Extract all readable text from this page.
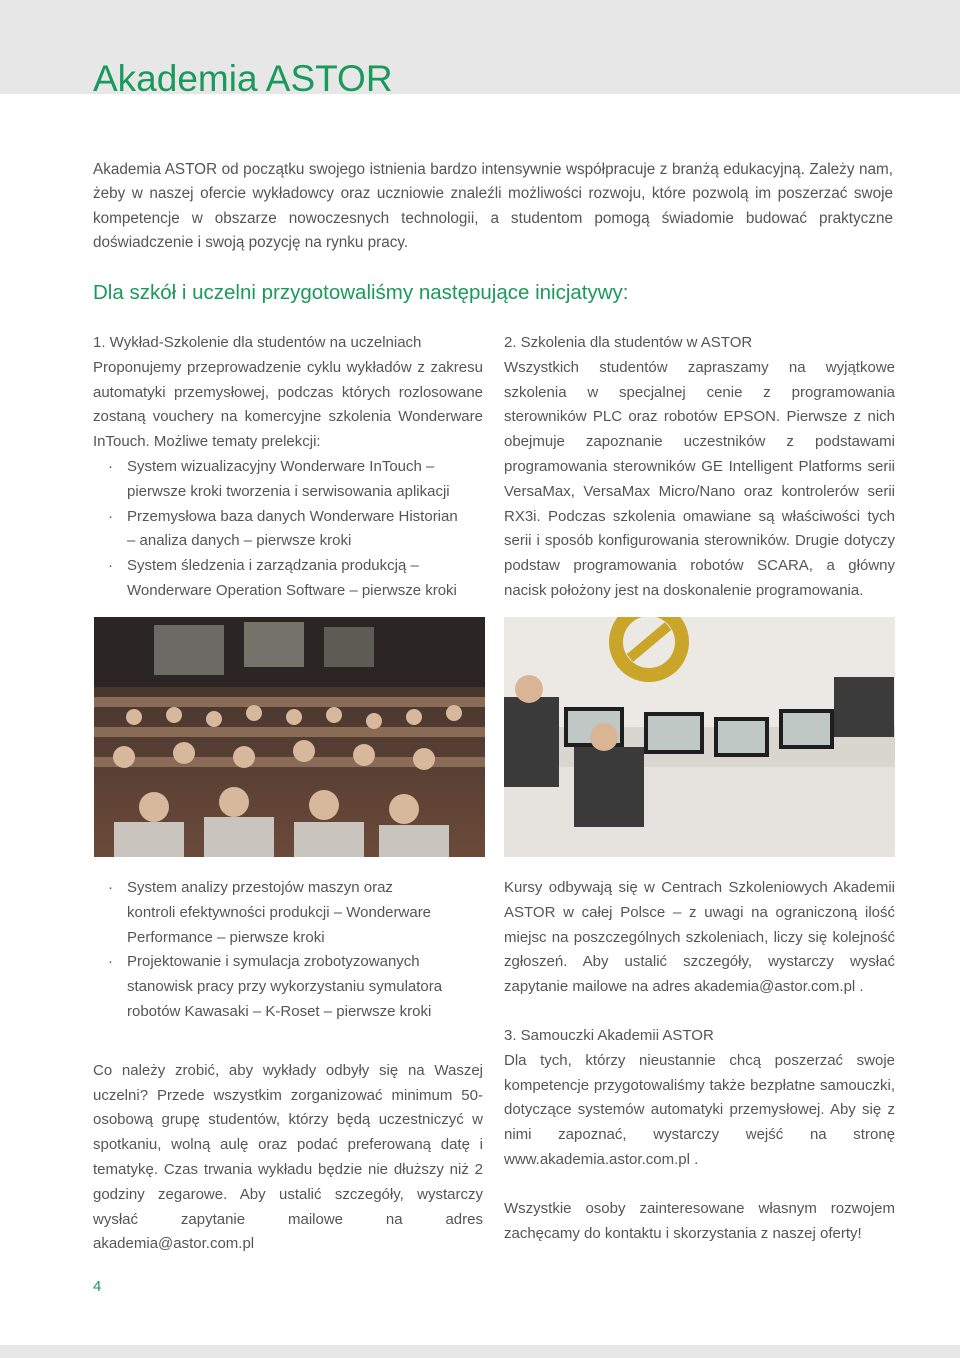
Akademia ASTOR

Akademia ASTOR od początku swojego istnienia bardzo intensywnie współpracuje z branżą edukacyjną. Zależy nam, żeby w naszej ofercie wykładowcy oraz uczniowie znaleźli możliwości rozwoju, które pozwolą im poszerzać swoje kompetencje w obszarze nowoczesnych technologii, a studentom pomogą świadomie budować praktyczne doświadczenie i swoją pozycję na rynku pracy.

Dla szkół i uczelni przygotowaliśmy następujące inicjatywy:

1. Wykład-Szkolenie dla studentów na uczelniach

Proponujemy przeprowadzenie cyklu wykładów z zakresu automatyki przemysłowej, podczas których rozlosowane zostaną vouchery na komercyjne szkolenia Wonderware InTouch. Możliwe tematy prelekcji:

· System wizualizacyjny Wonderware InTouch –
pierwsze kroki tworzenia i serwisowania aplikacji
· Przemysłowa baza danych Wonderware Historian
– analiza danych – pierwsze kroki
· System śledzenia i zarządzania produkcją –
Wonderware Operation Software – pierwsze kroki

2. Szkolenia dla studentów w ASTOR

Wszystkich studentów zapraszamy na wyjątkowe szkolenia w specjalnej cenie z programowania sterowników PLC oraz robotów EPSON. Pierwsze z nich obejmuje zapoznanie uczestników z podstawami programowania sterowników GE Intelligent Platforms serii VersaMax, VersaMax Micro/Nano oraz kontrolerów serii RX3i. Podczas szkolenia omawiane są właściwości tych serii i sposób konfigurowania sterowników. Drugie dotyczy podstaw programowania robotów SCARA, a główny nacisk położony jest na doskonalenie programowania.

· System analizy przestojów maszyn oraz
kontroli efektywności produkcji – Wonderware
Performance – pierwsze kroki
· Projektowanie i symulacja zrobotyzowanych
stanowisk pracy przy wykorzystaniu symulatora
robotów Kawasaki – K-Roset – pierwsze kroki

Co należy zrobić, aby wykłady odbyły się na Waszej uczelni? Przede wszystkim zorganizować minimum 50- osobową grupę studentów, którzy będą uczestniczyć w spotkaniu, wolną aulę oraz podać preferowaną datę i tematykę. Czas trwania wykładu będzie nie dłuższy niż 2 godziny zegarowe. Aby ustalić szczegóły, wystarczy wysłać zapytanie mailowe na adres akademia@astor.com.pl

Kursy odbywają się w Centrach Szkoleniowych Akademii ASTOR w całej Polsce – z uwagi na ograniczoną ilość miejsc na poszczególnych szkoleniach, liczy się kolejność zgłoszeń. Aby ustalić szczegóły, wystarczy wysłać zapytanie mailowe na adres akademia@astor.com.pl .

3. Samouczki Akademii ASTOR

Dla tych, którzy nieustannie chcą poszerzać swoje kompetencje przygotowaliśmy także bezpłatne samouczki, dotyczące systemów automatyki przemysłowej. Aby się z nimi zapoznać, wystarczy wejść na stronę www.akademia.astor.com.pl .

Wszystkie osoby zainteresowane własnym rozwojem zachęcamy do kontaktu i skorzystania z naszej oferty!

4
